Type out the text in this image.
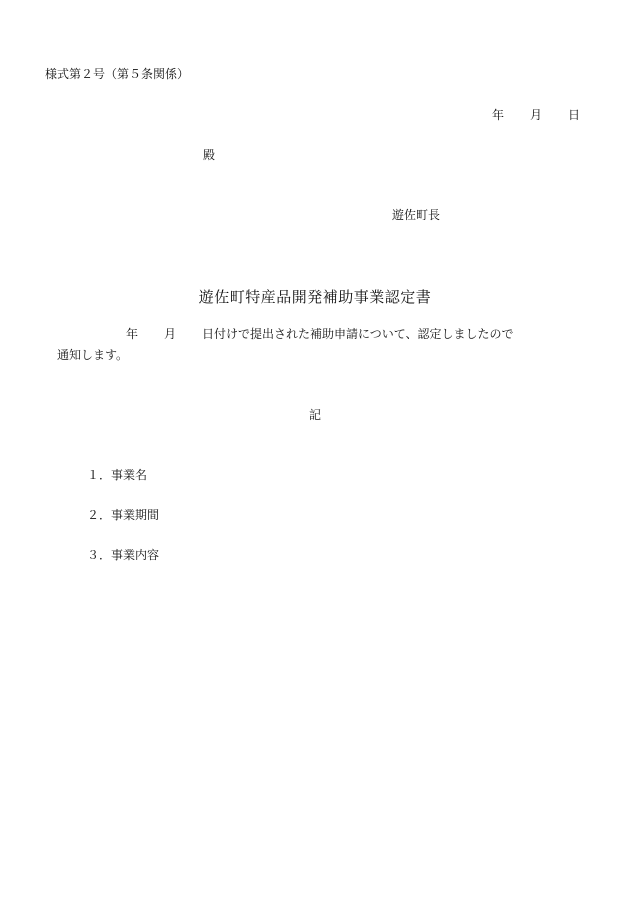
様式第２号（第５条関係）
年 月 日
殿
遊佐町長
遊佐町特産品開発補助事業認定書
年 月 日付けで提出された補助申請について、認定しましたので
通知します。
記
１．事業名
２．事業期間
３．事業内容
